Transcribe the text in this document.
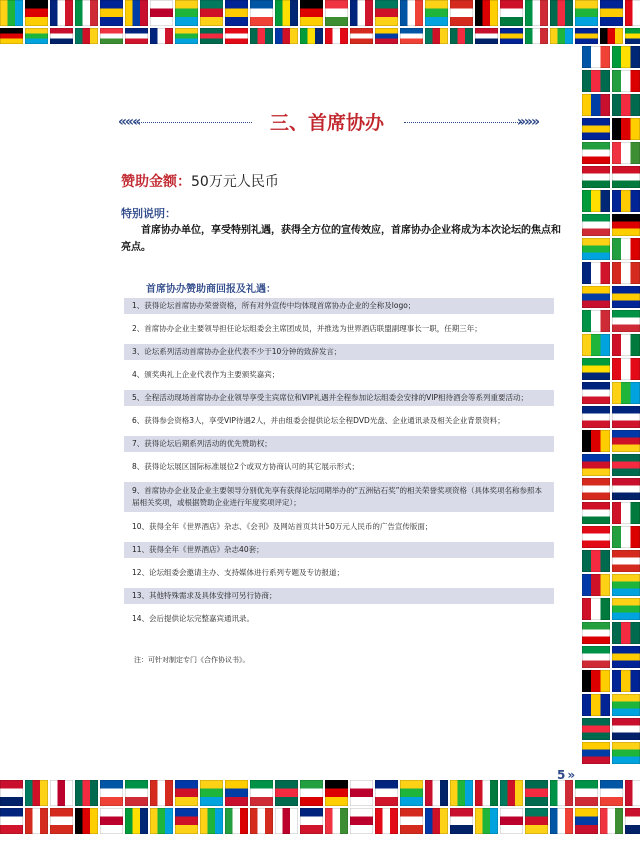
«««	三、首席协办	»»»
赞助金额：50万元人民币
特别说明：
首席协办单位，享受特别礼遇，获得全方位的宣传效应，首席协办企业将成为本次论坛的焦点和亮点。
首席协办赞助商回报及礼遇：
1、获得论坛首席协办荣誉资格，所有对外宣传中均体现首席协办企业的全称及logo；
2、首席协办企业主要领导担任论坛组委会主席团成员，并推选为世界酒店联盟副理事长一职，任期三年；
3、论坛系列活动首席协办企业代表不少于10分钟的致辞发言；
4、颁奖典礼上企业代表作为主要颁奖嘉宾；
5、全程活动现场首席协办企业领导享受主宾席位和VIP礼遇并全程参加论坛组委会安排的VIP相待酒会等系列重要活动；
6、获得参会资格3人，享受VIP待遇2人，并由组委会提供论坛全程DVD光盘、企业通讯录及相关企业背景资料；
7、获得论坛后期系列活动的优先赞助权；
8、获得论坛展区国际标准展位2个或双方协商认可的其它展示形式；
9、首席协办企业及企业主要领导分别优先享有获得论坛同期举办的“五洲钻石奖”的相关荣誉奖项资格（具体奖项名称参照本届相关奖项，或根据赞助企业进行年度奖项评定）；
10、获得全年《世界酒店》杂志、《会刊》及网站首页共计50万元人民币的广告宣传版面；
11、获得全年《世界酒店》杂志40套；
12、论坛组委会邀请主办、支持媒体进行系列专题及专访报道；
13、其他特殊需求及具体安排可另行协商；
14、会后提供论坛完整嘉宾通讯录。
注：可针对制定专门《合作协议书》。
5 »
